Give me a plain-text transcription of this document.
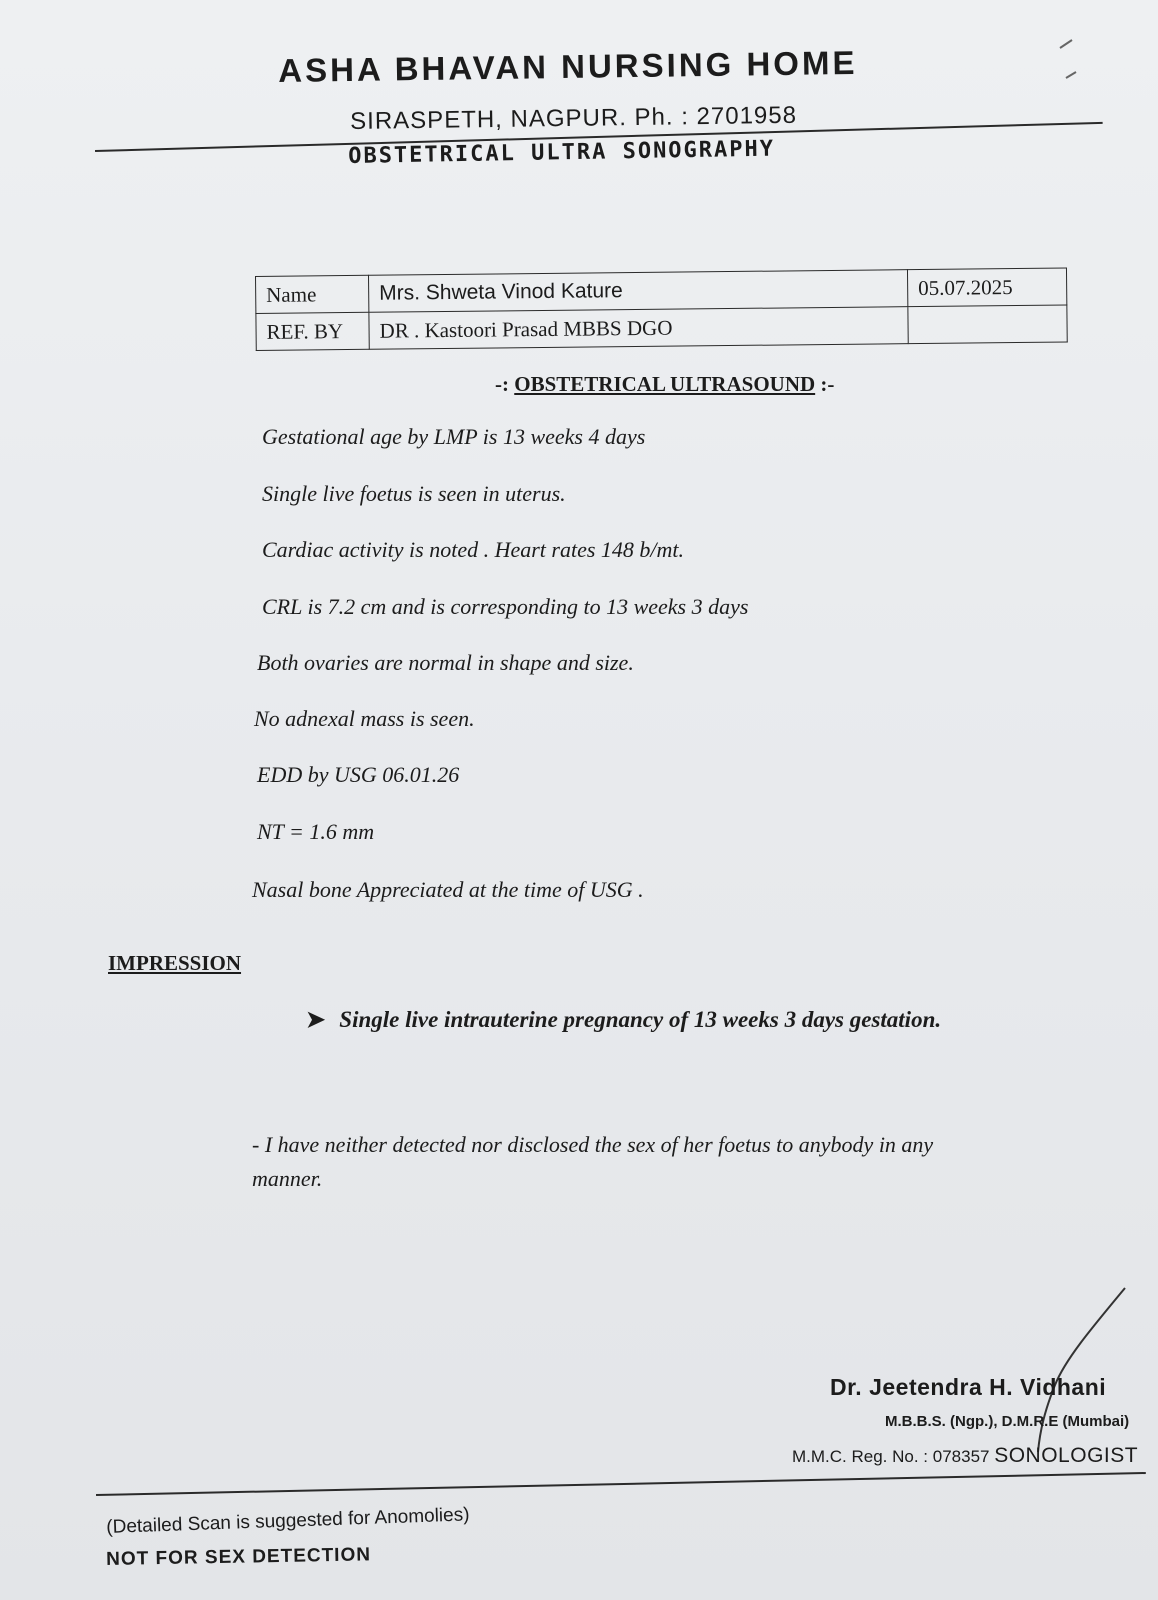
ASHA BHAVAN NURSING HOME
SIRASPETH, NAGPUR. Ph. : 2701958
OBSTETRICAL ULTRA SONOGRAPHY
Name	Mrs. Shweta Vinod Kature	05.07.2025
REF. BY	DR . Kastoori Prasad MBBS DGO	
-: OBSTETRICAL ULTRASOUND :-
Gestational age by LMP is 13 weeks 4 days
Single live foetus is seen in uterus.
Cardiac activity is noted . Heart rates 148 b/mt.
CRL is 7.2 cm and is corresponding to 13 weeks 3 days
Both ovaries are normal in shape and size.
No adnexal mass is seen.
EDD by USG 06.01.26
NT = 1.6 mm
Nasal bone Appreciated at the time of USG .
IMPRESSION
➤ Single live intrauterine pregnancy of 13 weeks 3 days gestation.
- I have neither detected nor disclosed the sex of her foetus to anybody in any manner.
Dr. Jeetendra H. Vidhani
M.B.B.S. (Ngp.), D.M.R.E (Mumbai)
M.M.C. Reg. No. : 078357 SONOLOGIST
(Detailed Scan is suggested for Anomolies)
NOT FOR SEX DETECTION
